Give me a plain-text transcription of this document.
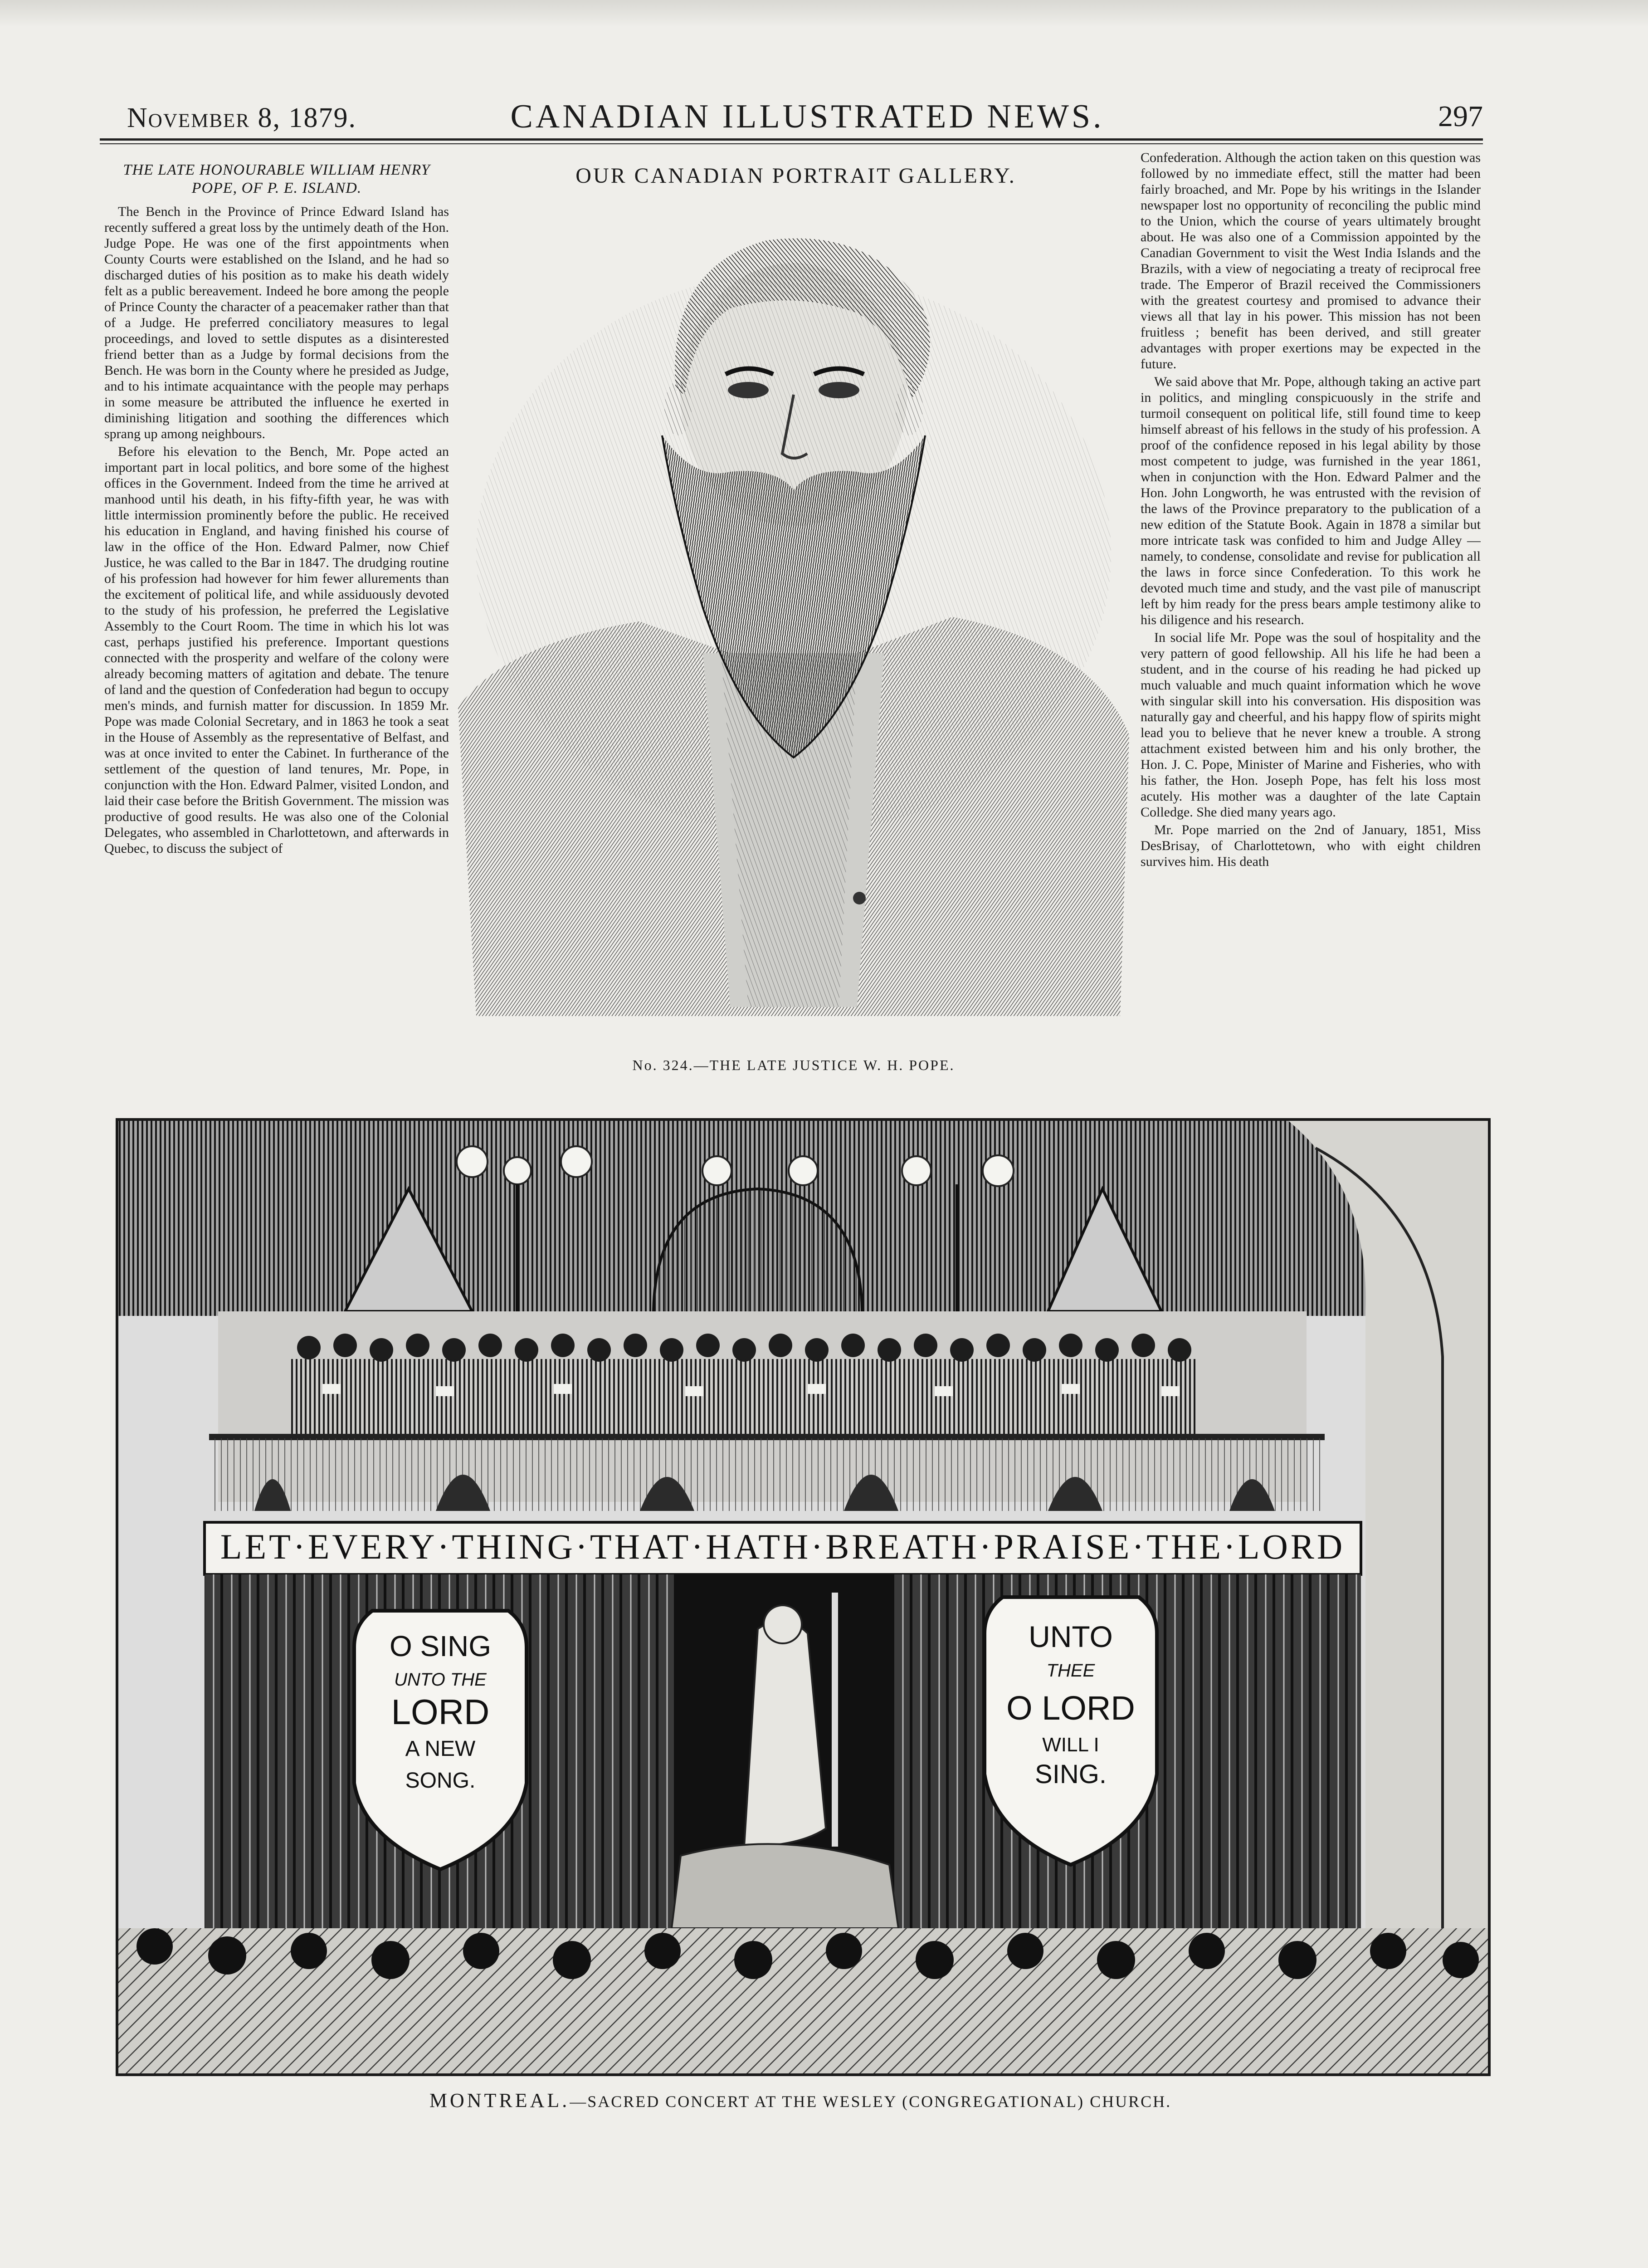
November 8, 1879.	CANADIAN ILLUSTRATED NEWS.	297

THE LATE HONOURABLE WILLIAM HENRY POPE, OF P. E. ISLAND.

The Bench in the Province of Prince Edward Island has recently suffered a great loss by the untimely death of the Hon. Judge Pope. He was one of the first appointments when County Courts were established on the Island, and he had so discharged duties of his position as to make his death widely felt as a public bereavement. Indeed he bore among the people of Prince County the character of a peacemaker rather than that of a Judge. He preferred conciliatory measures to legal proceedings, and loved to settle disputes as a disinterested friend better than as a Judge by formal decisions from the Bench. He was born in the County where he presided as Judge, and to his intimate acquaintance with the people may perhaps in some measure be attributed the influence he exerted in diminishing litigation and soothing the differences which sprang up among neighbours.

Before his elevation to the Bench, Mr. Pope acted an important part in local politics, and bore some of the highest offices in the Government. Indeed from the time he arrived at manhood until his death, in his fifty-fifth year, he was with little intermission prominently before the public. He received his education in England, and having finished his course of law in the office of the Hon. Edward Palmer, now Chief Justice, he was called to the Bar in 1847. The drudging routine of his profession had however for him fewer allurements than the excitement of political life, and while assiduously devoted to the study of his profession, he preferred the Legislative Assembly to the Court Room. The time in which his lot was cast, perhaps justified his preference. Important questions connected with the prosperity and welfare of the colony were already becoming matters of agitation and debate. The tenure of land and the question of Confederation had begun to occupy men's minds, and furnish matter for discussion. In 1859 Mr. Pope was made Colonial Secretary, and in 1863 he took a seat in the House of Assembly as the representative of Belfast, and was at once invited to enter the Cabinet. In furtherance of the settlement of the question of land tenures, Mr. Pope, in conjunction with the Hon. Edward Palmer, visited London, and laid their case before the British Government. The mission was productive of good results. He was also one of the Colonial Delegates, who assembled in Charlottetown, and afterwards in Quebec, to discuss the subject of

OUR CANADIAN PORTRAIT GALLERY.
No. 324.—THE LATE JUSTICE W. H. POPE.

Confederation. Although the action taken on this question was followed by no immediate effect, still the matter had been fairly broached, and Mr. Pope by his writings in the Islander newspaper lost no opportunity of reconciling the public mind to the Union, which the course of years ultimately brought about. He was also one of a Commission appointed by the Canadian Government to visit the West India Islands and the Brazils, with a view of negociating a treaty of reciprocal free trade. The Emperor of Brazil received the Commissioners with the greatest courtesy and promised to advance their views all that lay in his power. This mission has not been fruitless ; benefit has been derived, and still greater advantages with proper exertions may be expected in the future.

We said above that Mr. Pope, although taking an active part in politics, and mingling conspicuously in the strife and turmoil consequent on political life, still found time to keep himself abreast of his fellows in the study of his profession. A proof of the confidence reposed in his legal ability by those most competent to judge, was furnished in the year 1861, when in conjunction with the Hon. Edward Palmer and the Hon. John Longworth, he was entrusted with the revision of the laws of the Province preparatory to the publication of a new edition of the Statute Book. Again in 1878 a similar but more intricate task was confided to him and Judge Alley —namely, to condense, consolidate and revise for publication all the laws in force since Confederation. To this work he devoted much time and study, and the vast pile of manuscript left by him ready for the press bears ample testimony alike to his diligence and his research.

In social life Mr. Pope was the soul of hospitality and the very pattern of good fellowship. All his life he had been a student, and in the course of his reading he had picked up much valuable and much quaint information which he wove with singular skill into his conversation. His disposition was naturally gay and cheerful, and his happy flow of spirits might lead you to believe that he never knew a trouble. A strong attachment existed between him and his only brother, the Hon. J. C. Pope, Minister of Marine and Fisheries, who with his father, the Hon. Joseph Pope, has felt his loss most acutely. His mother was a daughter of the late Captain Colledge. She died many years ago.

Mr. Pope married on the 2nd of January, 1851, Miss DesBrisay, of Charlottetown, who with eight children survives him. His death

LET·EVERY·THING·THAT·HATH·BREATH·PRAISE·THE·LORD
O SING
UNTO THE
LORD
A NEW
SONG.
UNTO
THEE
O LORD
WILL I
SING.
MONTREAL.—SACRED CONCERT AT THE WESLEY (CONGREGATIONAL) CHURCH.
